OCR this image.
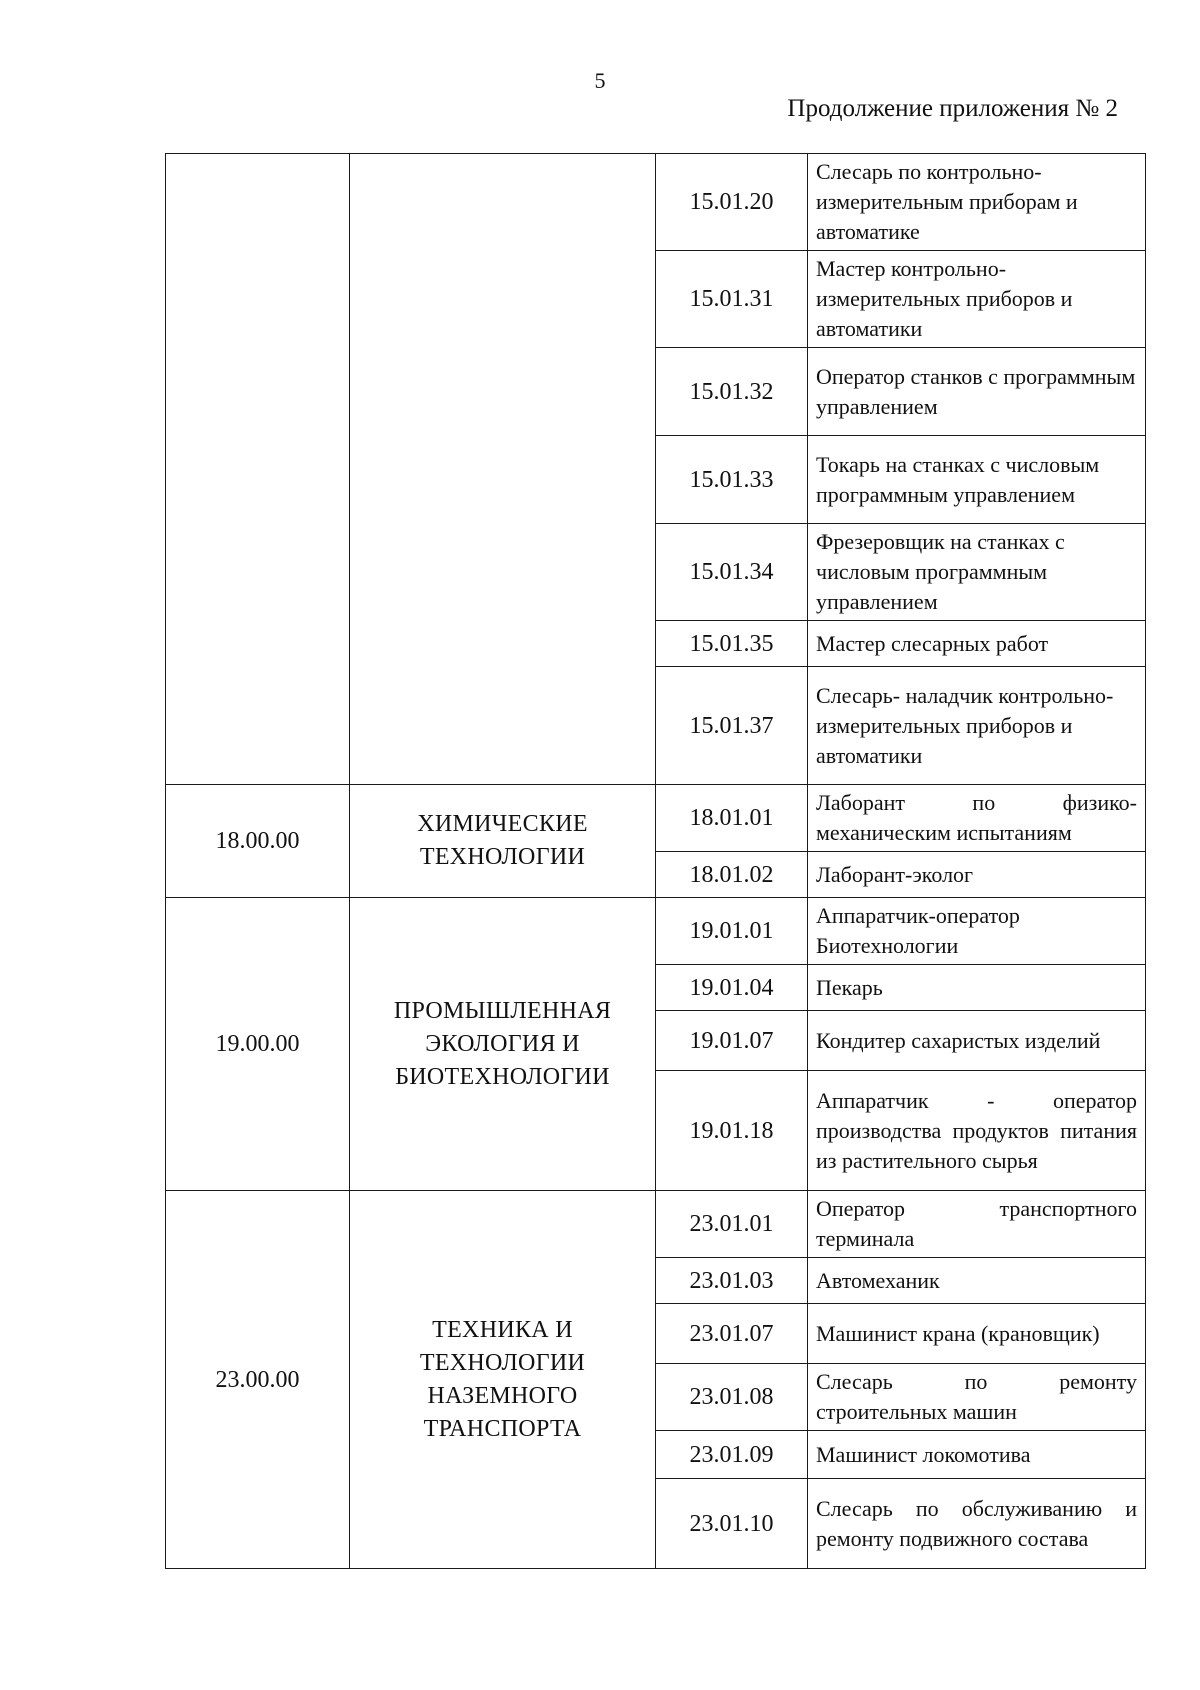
5
Продолжение приложения № 2
		15.01.20	Слесарь по контрольно-измерительным приборам и автоматике
		15.01.31	Мастер контрольно-измерительных приборов и автоматики
		15.01.32	Оператор станков с программным управлением
		15.01.33	Токарь на станках с числовым программным управлением
		15.01.34	Фрезеровщик на станках с числовым программным управлением
		15.01.35	Мастер слесарных работ
		15.01.37	Слесарь- наладчик контрольно-измерительных приборов и автоматики
18.00.00	ХИМИЧЕСКИЕ ТЕХНОЛОГИИ	18.01.01	Лаборант по физико-механическим испытаниям
		18.01.02	Лаборант-эколог
19.00.00	ПРОМЫШЛЕННАЯ ЭКОЛОГИЯ И БИОТЕХНОЛОГИИ	19.01.01	Аппаратчик-оператор Биотехнологии
		19.01.04	Пекарь
		19.01.07	Кондитер сахаристых изделий
		19.01.18	Аппаратчик - оператор производства продуктов питания из растительного сырья
23.00.00	ТЕХНИКА И ТЕХНОЛОГИИ НАЗЕМНОГО ТРАНСПОРТА	23.01.01	Оператор транспортного терминала
		23.01.03	Автомеханик
		23.01.07	Машинист крана (крановщик)
		23.01.08	Слесарь по ремонту строительных машин
		23.01.09	Машинист локомотива
		23.01.10	Слесарь по обслуживанию и ремонту подвижного состава
